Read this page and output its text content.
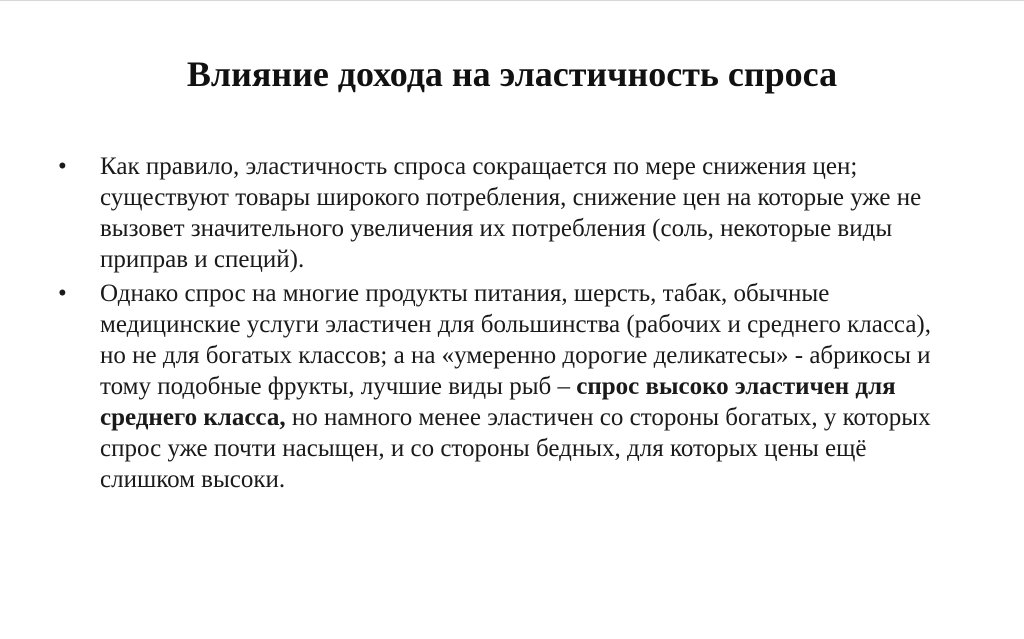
Влияние дохода на эластичность спроса
• Как правило, эластичность спроса сокращается по мере снижения цен; существуют товары широкого потребления, снижение цен на которые уже не вызовет значительного увеличения их потребления (соль, некоторые виды приправ и специй).
• Однако спрос на многие продукты питания, шерсть, табак, обычные медицинские услуги эластичен для большинства (рабочих и среднего класса), но не для богатых классов; а на «умеренно дорогие деликатесы» - абрикосы и тому подобные фрукты, лучшие виды рыб – спрос высоко эластичен для среднего класса, но намного менее эластичен со стороны богатых, у которых спрос уже почти насыщен, и со стороны бедных, для которых цены ещё слишком высоки.
